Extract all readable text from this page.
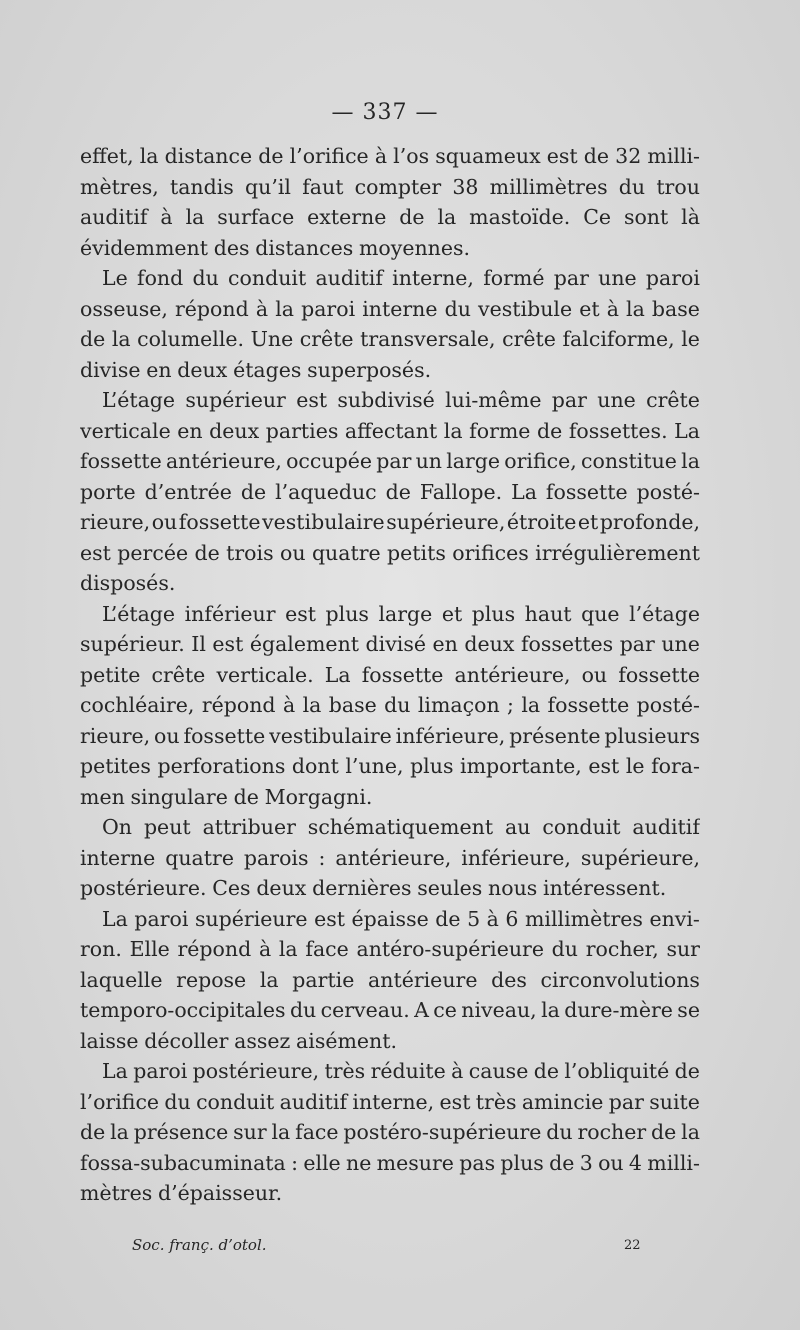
— 337 —
effet, la distance de l’orifice à l’os squameux est de 32 milli-
mètres, tandis qu’il faut compter 38 millimètres du trou
auditif à la surface externe de la mastoïde. Ce sont là
évidemment des distances moyennes.
Le fond du conduit auditif interne, formé par une paroi
osseuse, répond à la paroi interne du vestibule et à la base
de la columelle. Une crête transversale, crête falciforme, le
divise en deux étages superposés.
L’étage supérieur est subdivisé lui-même par une crête
verticale en deux parties affectant la forme de fossettes. La
fossette antérieure, occupée par un large orifice, constitue la
porte d’entrée de l’aqueduc de Fallope. La fossette posté-
rieure, ou fossette vestibulaire supérieure, étroite et profonde,
est percée de trois ou quatre petits orifices irrégulièrement
disposés.
L’étage inférieur est plus large et plus haut que l’étage
supérieur. Il est également divisé en deux fossettes par une
petite crête verticale. La fossette antérieure, ou fossette
cochléaire, répond à la base du limaçon ; la fossette posté-
rieure, ou fossette vestibulaire inférieure, présente plusieurs
petites perforations dont l’une, plus importante, est le fora-
men singulare de Morgagni.
On peut attribuer schématiquement au conduit auditif
interne quatre parois : antérieure, inférieure, supérieure,
postérieure. Ces deux dernières seules nous intéressent.
La paroi supérieure est épaisse de 5 à 6 millimètres envi-
ron. Elle répond à la face antéro-supérieure du rocher, sur
laquelle repose la partie antérieure des circonvolutions
temporo-occipitales du cerveau. A ce niveau, la dure-mère se
laisse décoller assez aisément.
La paroi postérieure, très réduite à cause de l’obliquité de
l’orifice du conduit auditif interne, est très amincie par suite
de la présence sur la face postéro-supérieure du rocher de la
fossa-subacuminata : elle ne mesure pas plus de 3 ou 4 milli-
mètres d’épaisseur.
Soc. franç. d’otol.	22
